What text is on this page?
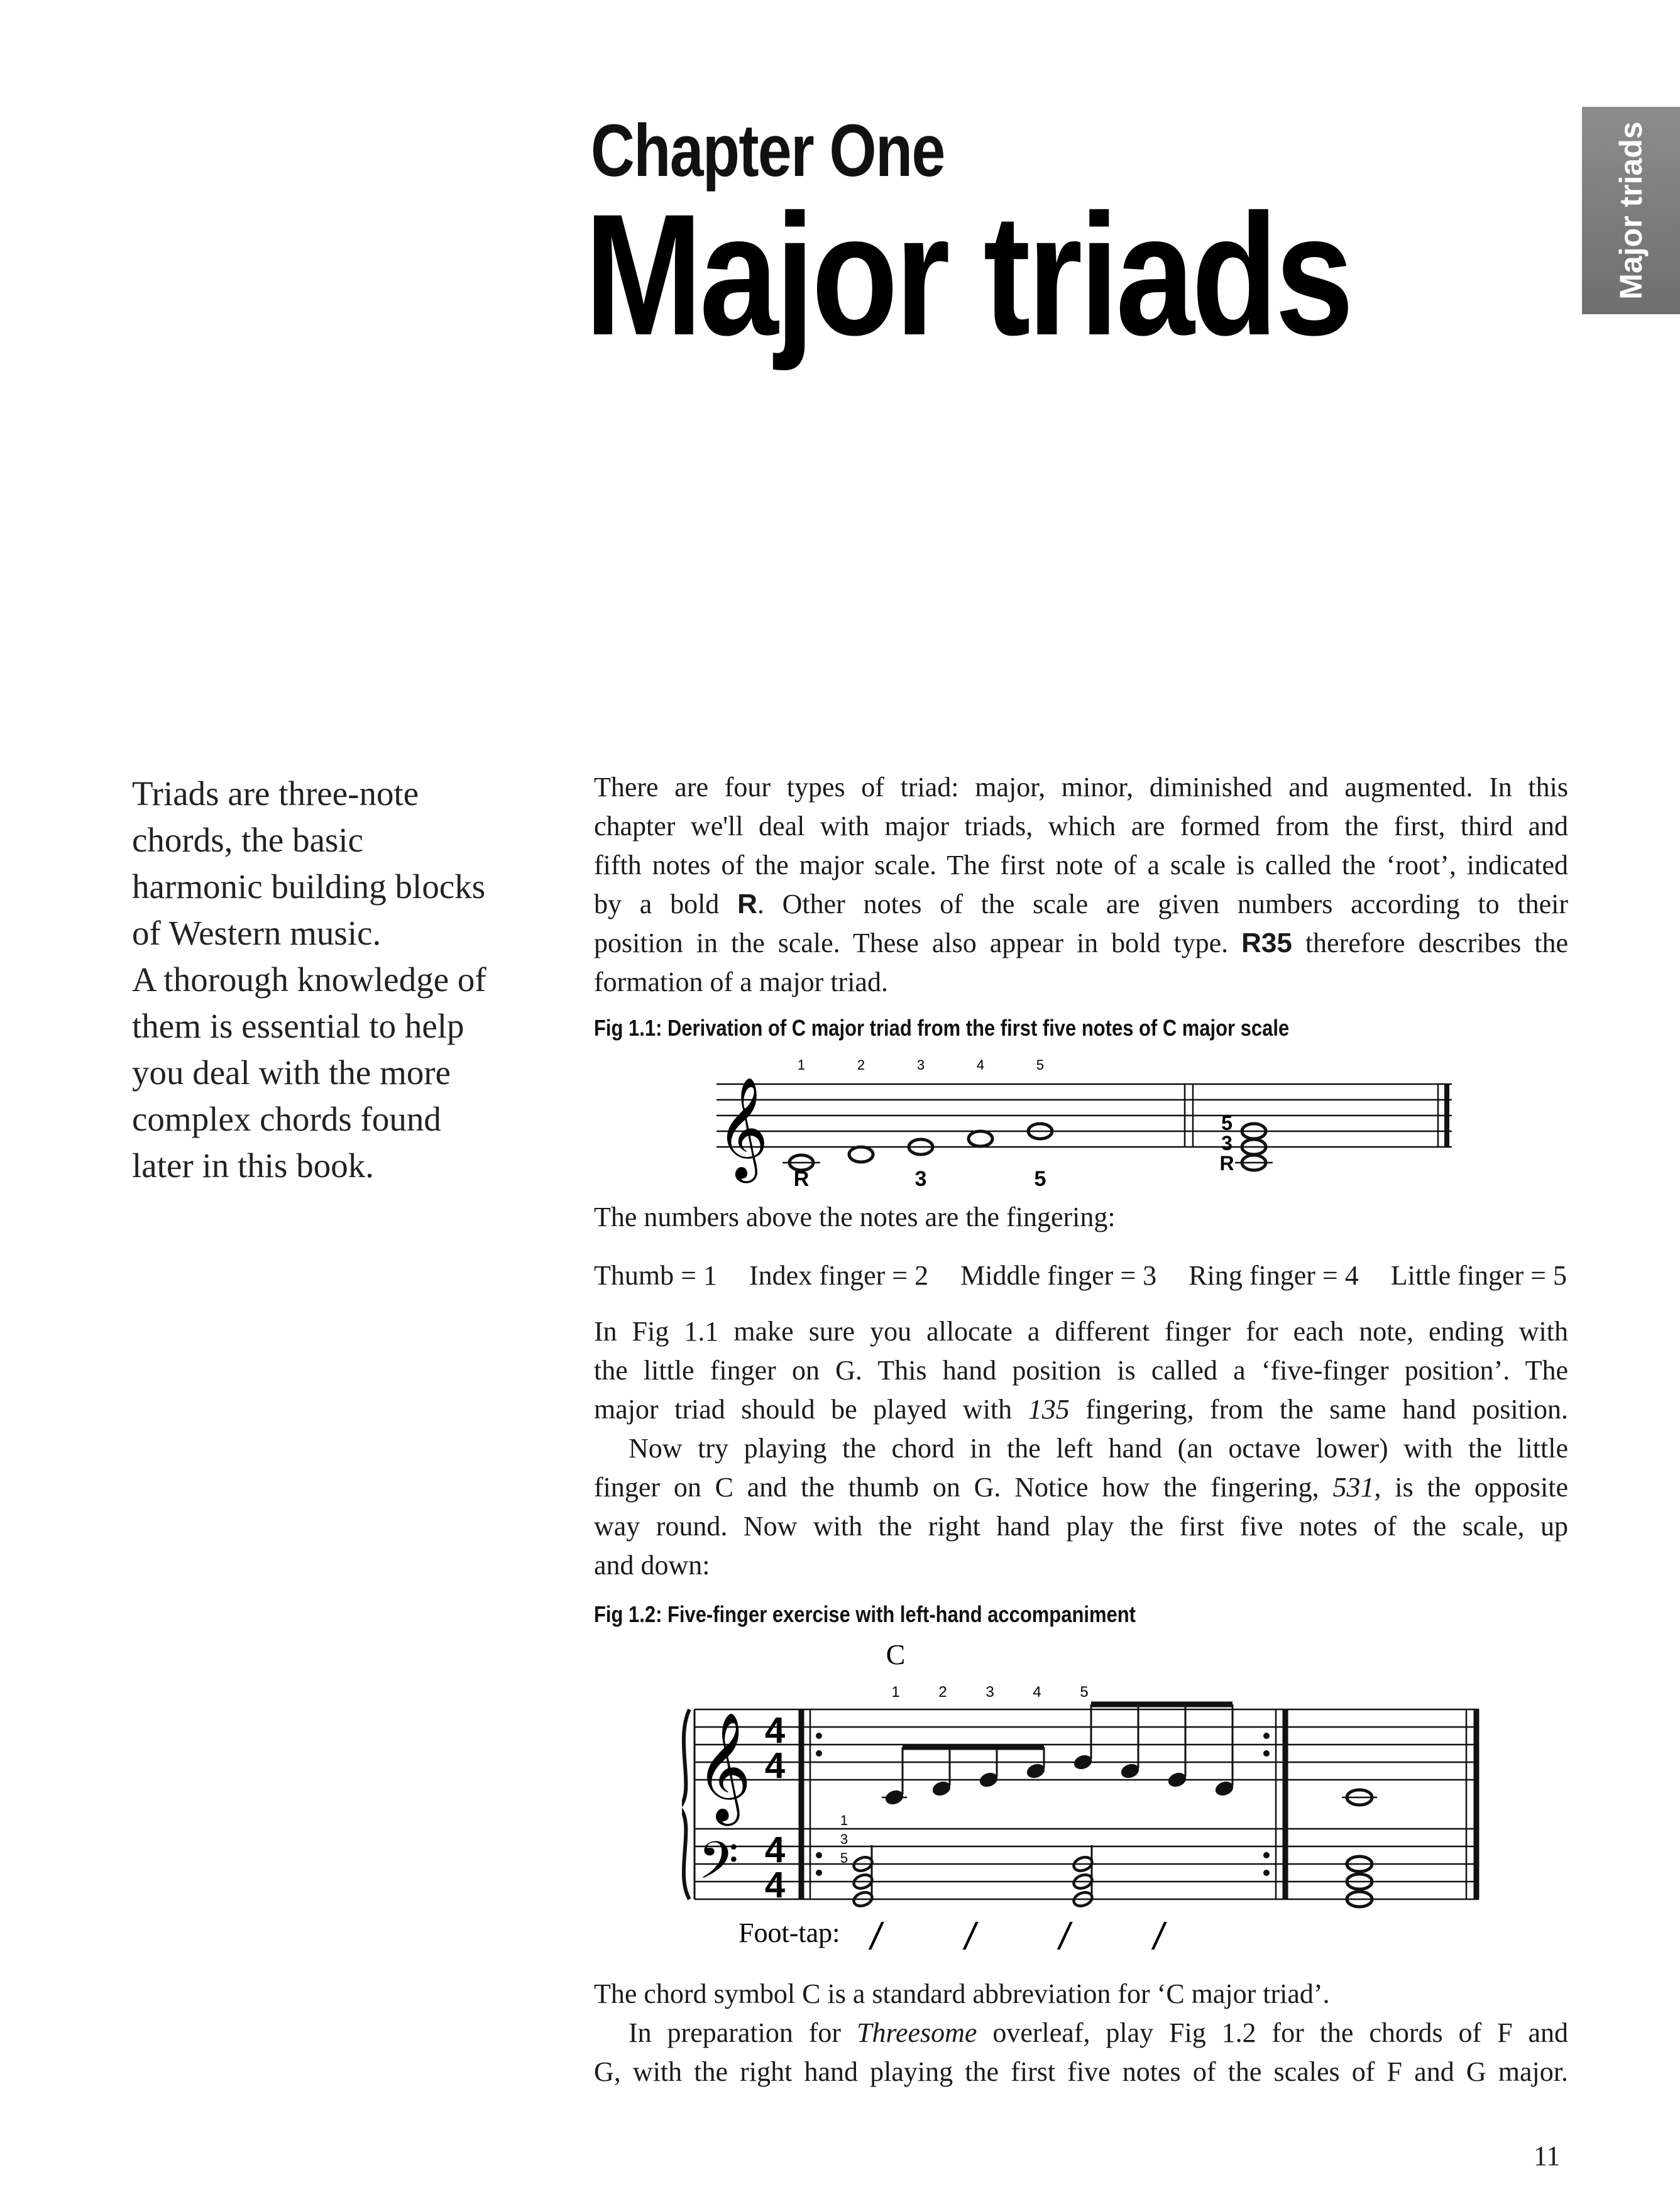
Chapter One
Major triads	Major triads
Triads are three-note
chords, the basic
harmonic building blocks
of Western music.
A thorough knowledge of
them is essential to help
you deal with the more
complex chords found
later in this book.
There are four types of triad: major, minor, diminished and augmented. In this
chapter we'll deal with major triads, which are formed from the first, third and
fifth notes of the major scale. The first note of a scale is called the ‘root’, indicated
by a bold R. Other notes of the scale are given numbers according to their
position in the scale. These also appear in bold type. R35 therefore describes the
formation of a major triad.
Fig 1.1: Derivation of C major triad from the first five notes of C major scale
𝄞
1	2	3	4	5
5
3
R
R	3	5
The numbers above the notes are the fingering:
Thumb = 1 Index finger = 2 Middle finger = 3 Ring finger = 4 Little finger = 5
In Fig 1.1 make sure you allocate a different finger for each note, ending with
the little finger on G. This hand position is called a ‘five-finger position’. The
major triad should be played with 135 fingering, from the same hand position.
Now try playing the chord in the left hand (an octave lower) with the little
finger on C and the thumb on G. Notice how the fingering, 531, is the opposite
way round. Now with the right hand play the first five notes of the scale, up
and down:
Fig 1.2: Five-finger exercise with left-hand accompaniment
C
1	2	3	4	5
𝄞
𝄢
4
4
4
4
1
3
5
Foot-tap: / / / /
The chord symbol C is a standard abbreviation for ‘C major triad’.
In preparation for Threesome overleaf, play Fig 1.2 for the chords of F and
G, with the right hand playing the first five notes of the scales of F and G major.
11
